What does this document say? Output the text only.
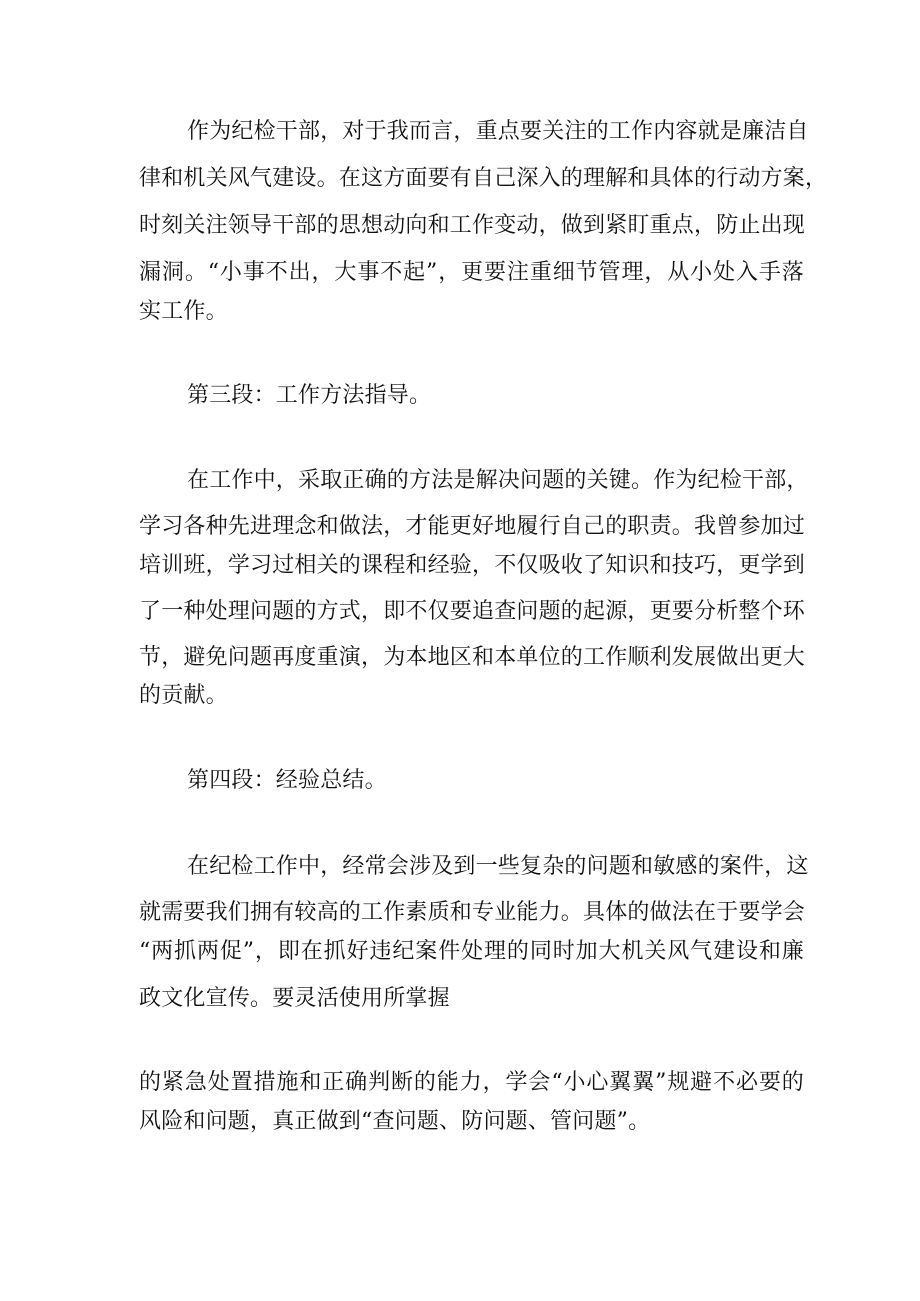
作为纪检干部，对于我而言，重点要关注的工作内容就是廉洁自
律和机关风气建设。在这方面要有自己深入的理解和具体的行动方案，
时刻关注领导干部的思想动向和工作变动，做到紧盯重点，防止出现
漏洞。“小事不出，大事不起”，更要注重细节管理，从小处入手落
实工作。
第三段：工作方法指导。
在工作中，采取正确的方法是解决问题的关键。作为纪检干部，
学习各种先进理念和做法，才能更好地履行自己的职责。我曾参加过
培训班，学习过相关的课程和经验，不仅吸收了知识和技巧，更学到
了一种处理问题的方式，即不仅要追查问题的起源，更要分析整个环
节，避免问题再度重演，为本地区和本单位的工作顺利发展做出更大
的贡献。
第四段：经验总结。
在纪检工作中，经常会涉及到一些复杂的问题和敏感的案件，这
就需要我们拥有较高的工作素质和专业能力。具体的做法在于要学会
“两抓两促”，即在抓好违纪案件处理的同时加大机关风气建设和廉
政文化宣传。要灵活使用所掌握
的紧急处置措施和正确判断的能力，学会“小心翼翼”规避不必要的
风险和问题，真正做到“查问题、防问题、管问题”。
